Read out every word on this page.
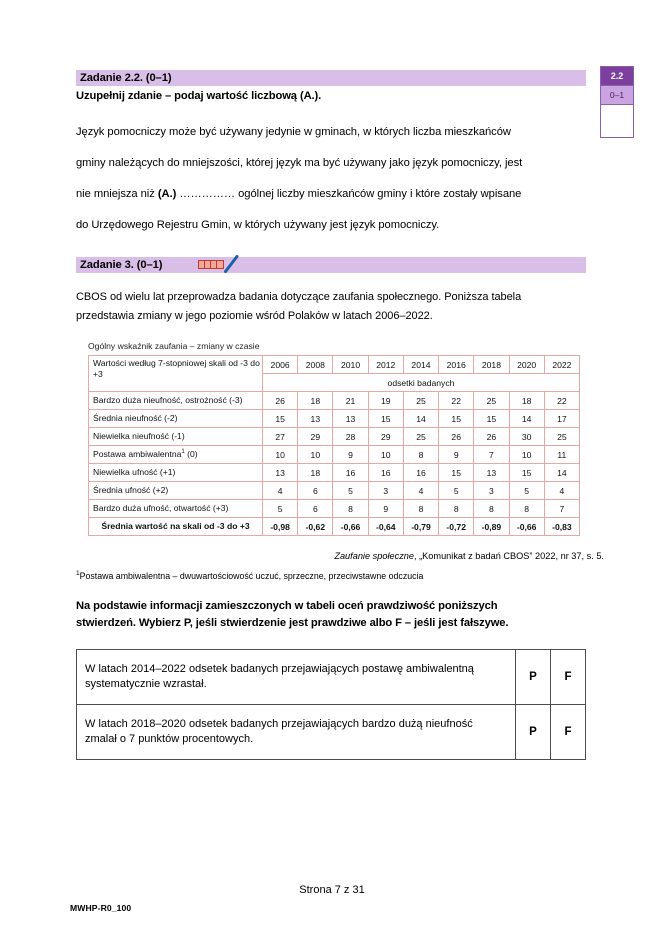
Zadanie 2.2. (0–1)
Uzupełnij zdanie – podaj wartość liczbową (A.).
Język pomocniczy może być używany jedynie w gminach, w których liczba mieszkańców
gminy należących do mniejszości, której język ma być używany jako język pomocniczy, jest
nie mniejsza niż (A.) …………… ogólnej liczby mieszkańców gminy i które zostały wpisane
do Urzędowego Rejestru Gmin, w których używany jest język pomocniczy.
2.2
0–1
Zadanie 3. (0–1)
CBOS od wielu lat przeprowadza badania dotyczące zaufania społecznego. Poniższa tabela
przedstawia zmiany w jego poziomie wśród Polaków w latach 2006–2022.
Ogólny wskaźnik zaufania – zmiany w czasie
Wartości według 7-stopniowej skali od -3 do +3	2006	2008	2010	2012	2014	2016	2018	2020	2022
	odsetki badanych								
Bardzo duża nieufność, ostrożność (-3)	26	18	21	19	25	22	25	18	22
Średnia nieufność (-2)	15	13	13	15	14	15	15	14	17
Niewielka nieufność (-1)	27	29	28	29	25	26	26	30	25
Postawa ambiwalentna$^1$ (0)	10	10	9	10	8	9	7	10	11
Niewielka ufność (+1)	13	18	16	16	16	15	13	15	14
Średnia ufność (+2)	4	6	5	3	4	5	3	5	4
Bardzo duża ufność, otwartość (+3)	5	6	8	9	8	8	8	8	7
Średnia wartość na skali od -3 do +3	-0,98	-0,62	-0,66	-0,64	-0,79	-0,72	-0,89	-0,66	-0,83
Zaufanie społeczne, „Komunikat z badań CBOS” 2022, nr 37, s. 5.
$^1$Postawa ambiwalentna – dwuwartościowość uczuć, sprzeczne, przeciwstawne odczucia
Na podstawie informacji zamieszczonych w tabeli oceń prawdziwość poniższych
stwierdzeń. Wybierz P, jeśli stwierdzenie jest prawdziwe albo F – jeśli jest fałszywe.
W latach 2014–2022 odsetek badanych przejawiających postawę ambiwalentną systematycznie wzrastał.	P	F
W latach 2018–2020 odsetek badanych przejawiających bardzo dużą nieufność zmalał o 7 punktów procentowych.	P	F
Strona 7 z 31
MWHP-R0_100
